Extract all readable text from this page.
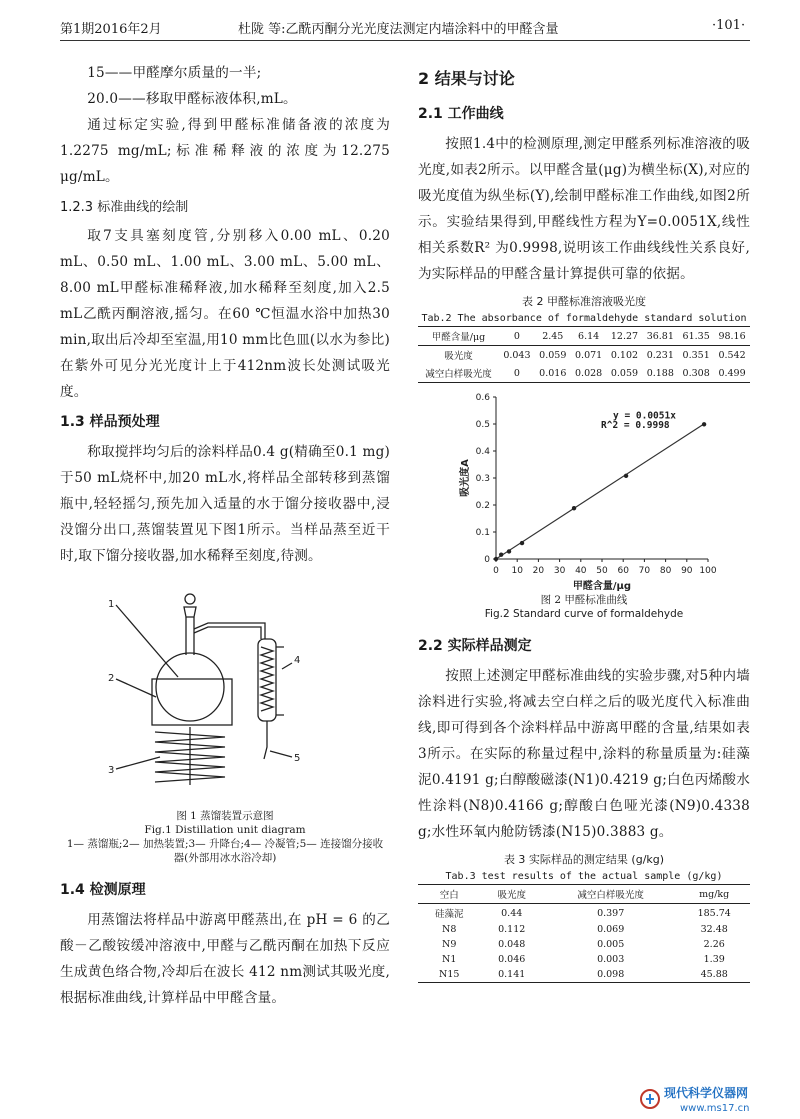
第1期2016年2月	杜陇 等:乙酰丙酮分光光度法测定内墙涂料中的甲醛含量	·101·

15——甲醛摩尔质量的一半;

20.0——移取甲醛标液体积,mL。

通过标定实验,得到甲醛标准储备液的浓度为1.2275 mg/mL;标准稀释液的浓度为12.275 μg/mL。

1.2.3 标准曲线的绘制

取7支具塞刻度管,分别移入0.00 mL、0.20 mL、0.50 mL、1.00 mL、3.00 mL、5.00 mL、8.00 mL甲醛标准稀释液,加水稀释至刻度,加入2.5 mL乙酰丙酮溶液,摇匀。在60 ℃恒温水浴中加热30 min,取出后冷却至室温,用10 mm比色皿(以水为参比)在紫外可见分光光度计上于412nm波长处测试吸光度。

1.3 样品预处理

称取搅拌均匀后的涂料样品0.4 g(精确至0.1 mg)于50 mL烧杯中,加20 mL水,将样品全部转移到蒸馏瓶中,轻轻摇匀,预先加入适量的水于馏分接收器中,浸没馏分出口,蒸馏装置见下图1所示。当样品蒸至近干时,取下馏分接收器,加水稀释至刻度,待测。

1
2
3
4
5

图 1 蒸馏装置示意图

Fig.1 Distillation unit diagram

1— 蒸馏瓶;2— 加热装置;3— 升降台;4— 冷凝管;5— 连接馏分接收器(外部用冰水浴冷却)

1.4 检测原理

用蒸馏法将样品中游离甲醛蒸出,在 pH = 6 的乙酸－乙酸铵缓冲溶液中,甲醛与乙酰丙酮在加热下反应生成黄色络合物,冷却后在波长 412 nm测试其吸光度,根据标准曲线,计算样品中甲醛含量。

2 结果与讨论
2.1 工作曲线

按照1.4中的检测原理,测定甲醛系列标准溶液的吸光度,如表2所示。以甲醛含量(μg)为横坐标(X),对应的吸光度值为纵坐标(Y),绘制甲醛标准工作曲线,如图2所示。实验结果得到,甲醛线性方程为Y=0.0051X,线性相关系数R² 为0.9998,说明该工作曲线线性关系良好,为实际样品的甲醛含量计算提供可靠的依据。

表 2 甲醛标准溶液吸光度

Tab.2 The absorbance of formaldehyde standard solution

甲醛含量/μg	0	2.45	6.14	12.27	36.81	61.35	98.16
吸光度	0.043	0.059	0.071	0.102	0.231	0.351	0.542
减空白样吸光度	0	0.016	0.028	0.059	0.188	0.308	0.499
0 10 20 30 40 50 60 70 80 90 100
0
0.1
0.2
0.3
0.4
0.5
0.6
甲醛含量/μg
吸光度A
y = 0.0051x
R^2 = 0.9998

图 2 甲醛标准曲线

Fig.2 Standard curve of formaldehyde

2.2 实际样品测定

按照上述测定甲醛标准曲线的实验步骤,对5种内墙涂料进行实验,将减去空白样之后的吸光度代入标准曲线,即可得到各个涂料样品中游离甲醛的含量,结果如表3所示。在实际的称量过程中,涂料的称量质量为:硅藻泥0.4191 g;白醇酸磁漆(N1)0.4219 g;白色丙烯酸水性涂料(N8)0.4166 g;醇酸白色哑光漆(N9)0.4338 g;水性环氧内舱防锈漆(N15)0.3883 g。

表 3 实际样品的测定结果 (g/kg)

Tab.3 test results of the actual sample (g/kg)

空白	吸光度	减空白样吸光度	mg/kg
硅藻泥	0.44	0.397	185.74
N8	0.112	0.069	32.48
N9	0.048	0.005	2.26
N1	0.046	0.003	1.39
N15	0.141	0.098	45.88
现代科学仪器网
www.ms17.cn
